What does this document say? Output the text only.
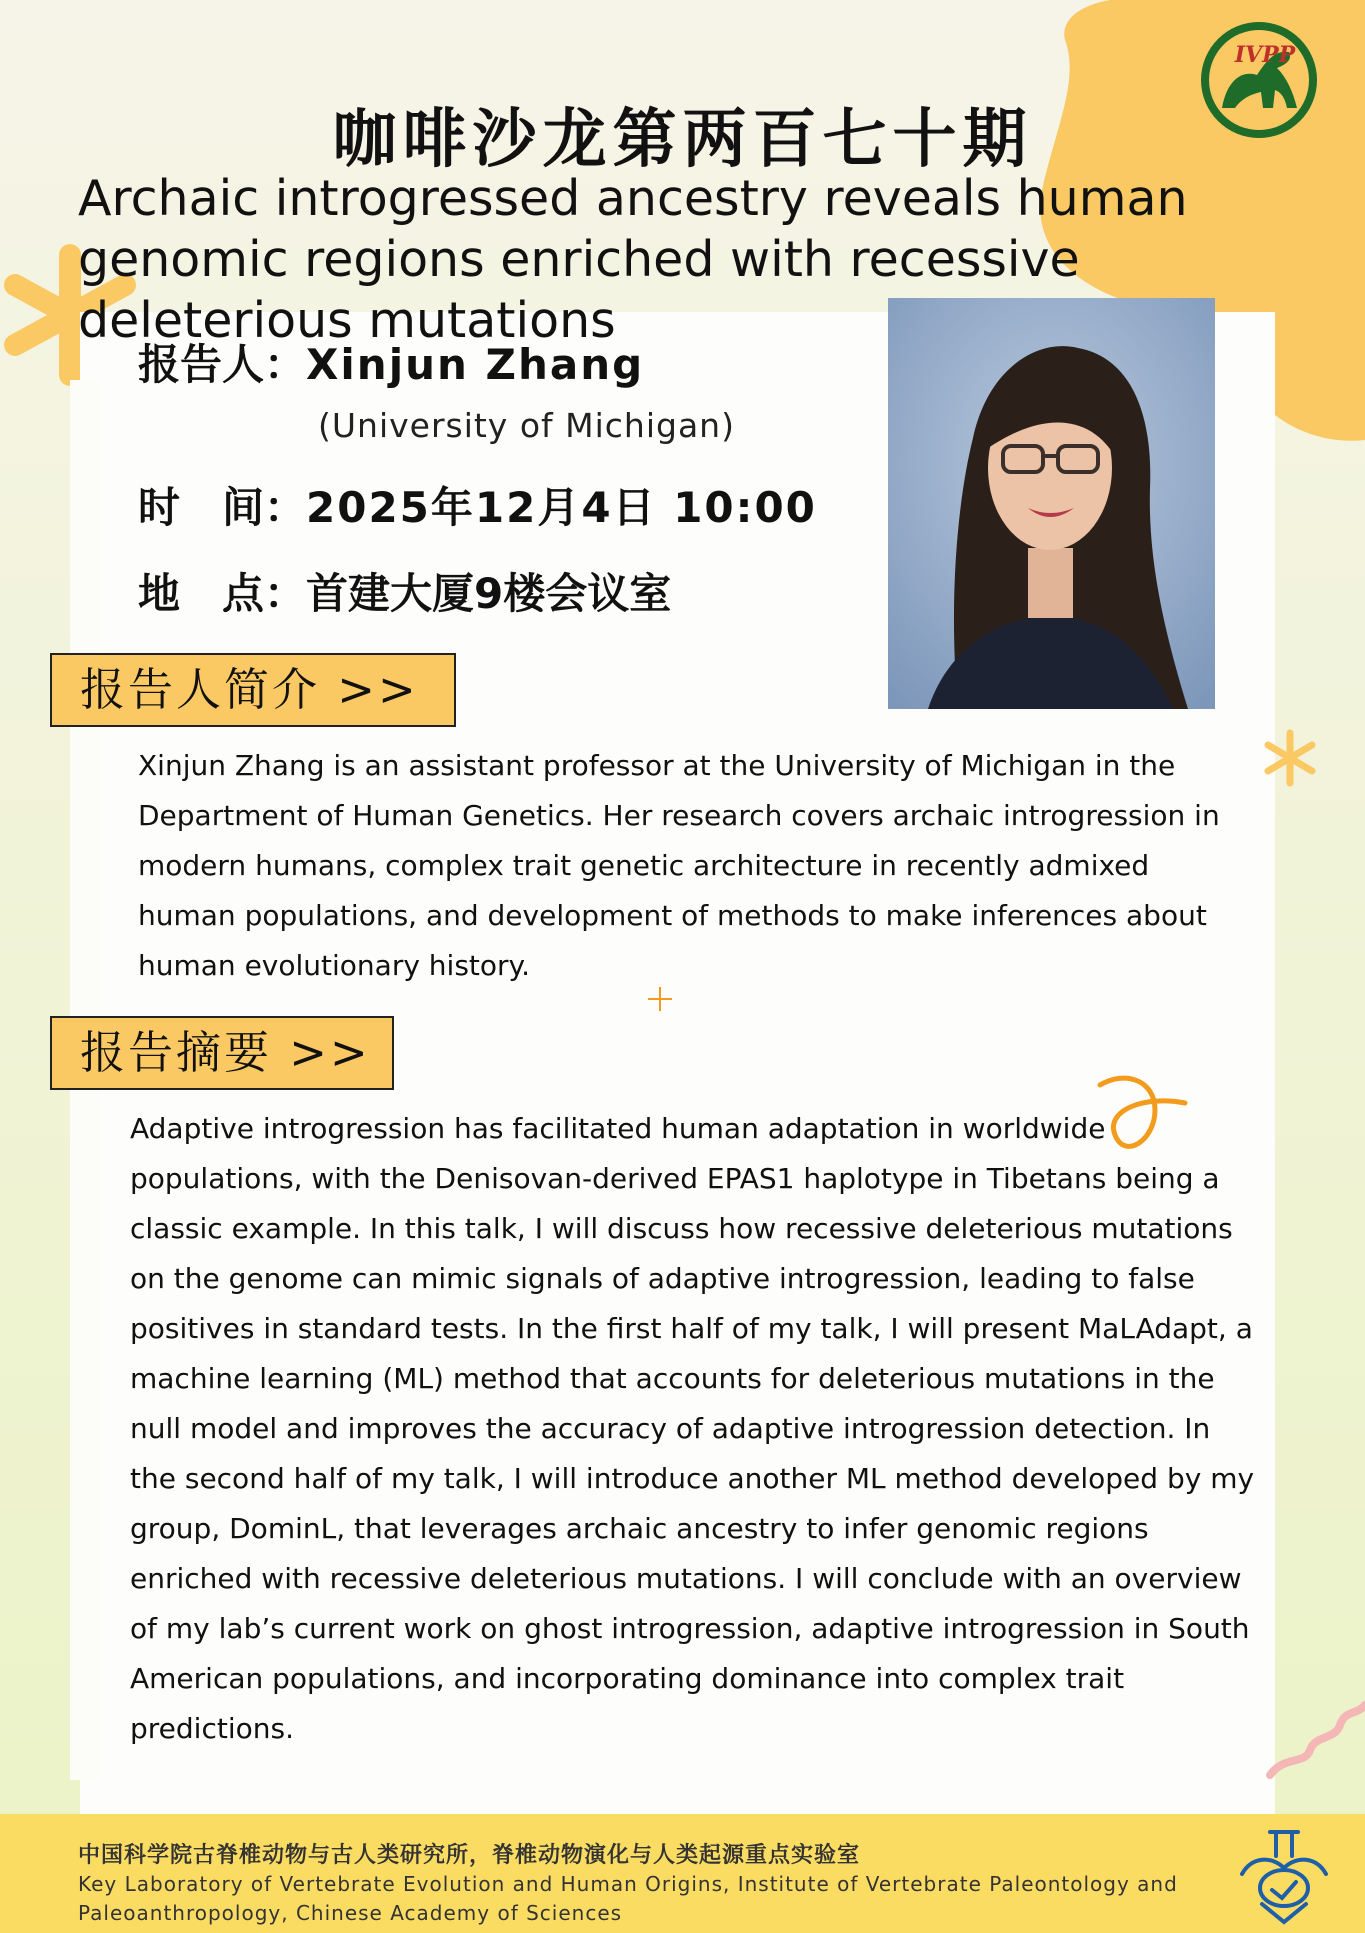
IVPP
咖啡沙龙第两百七十期

Archaic introgressed ancestry reveals human genomic regions enriched with recessive deleterious mutations

报告人：Xinjun Zhang
(University of Michigan)
时　间：2025年12月4日 10:00
地　点：首建大厦9楼会议室
报告人简介 >>

Xinjun Zhang is an assistant professor at the University of Michigan in the Department of Human Genetics. Her research covers archaic introgression in modern humans, complex trait genetic architecture in recently admixed human populations, and development of methods to make inferences about human evolutionary history.

报告摘要 >>

Adaptive introgression has facilitated human adaptation in worldwide populations, with the Denisovan-derived EPAS1 haplotype in Tibetans being a classic example. In this talk, I will discuss how recessive deleterious mutations on the genome can mimic signals of adaptive introgression, leading to false positives in standard tests. In the first half of my talk, I will present MaLAdapt, a machine learning (ML) method that accounts for deleterious mutations in the null model and improves the accuracy of adaptive introgression detection. In the second half of my talk, I will introduce another ML method developed by my group, DominL, that leverages archaic ancestry to infer genomic regions enriched with recessive deleterious mutations. I will conclude with an overview of my lab’s current work on ghost introgression, adaptive introgression in South American populations, and incorporating dominance into complex trait predictions.

中国科学院古脊椎动物与古人类研究所，脊椎动物演化与人类起源重点实验室

Key Laboratory of Vertebrate Evolution and Human Origins, Institute of Vertebrate Paleontology and Paleoanthropology, Chinese Academy of Sciences
